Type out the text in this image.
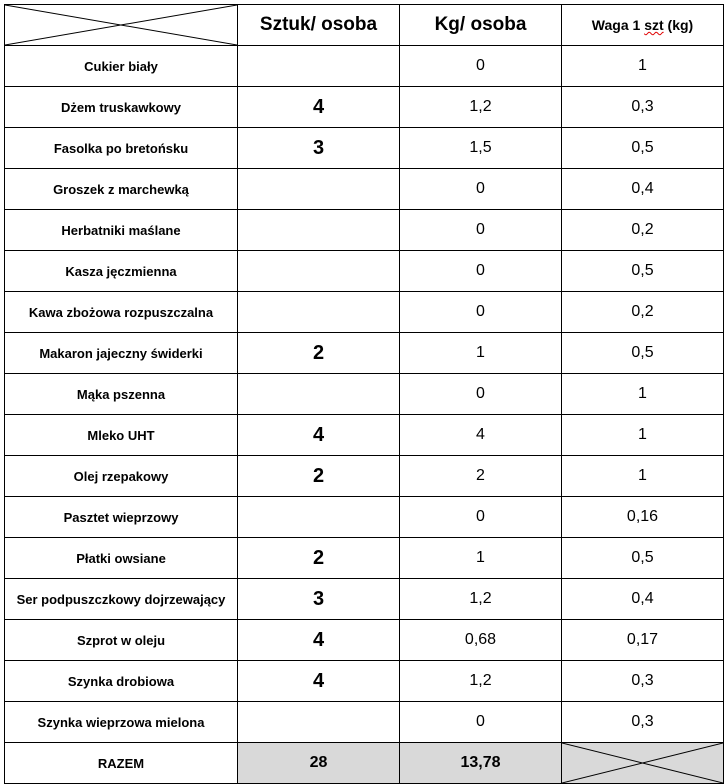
	Sztuk/ osoba	Kg/ osoba	Waga 1 szt (kg)
Cukier biały		0	1
Dżem truskawkowy	4	1,2	0,3
Fasolka po bretońsku	3	1,5	0,5
Groszek z marchewką		0	0,4
Herbatniki maślane		0	0,2
Kasza jęczmienna		0	0,5
Kawa zbożowa rozpuszczalna		0	0,2
Makaron jajeczny świderki	2	1	0,5
Mąka pszenna		0	1
Mleko UHT	4	4	1
Olej rzepakowy	2	2	1
Pasztet wieprzowy		0	0,16
Płatki owsiane	2	1	0,5
Ser podpuszczkowy dojrzewający	3	1,2	0,4
Szprot w oleju	4	0,68	0,17
Szynka drobiowa	4	1,2	0,3
Szynka wieprzowa mielona		0	0,3
RAZEM	28	13,78	
